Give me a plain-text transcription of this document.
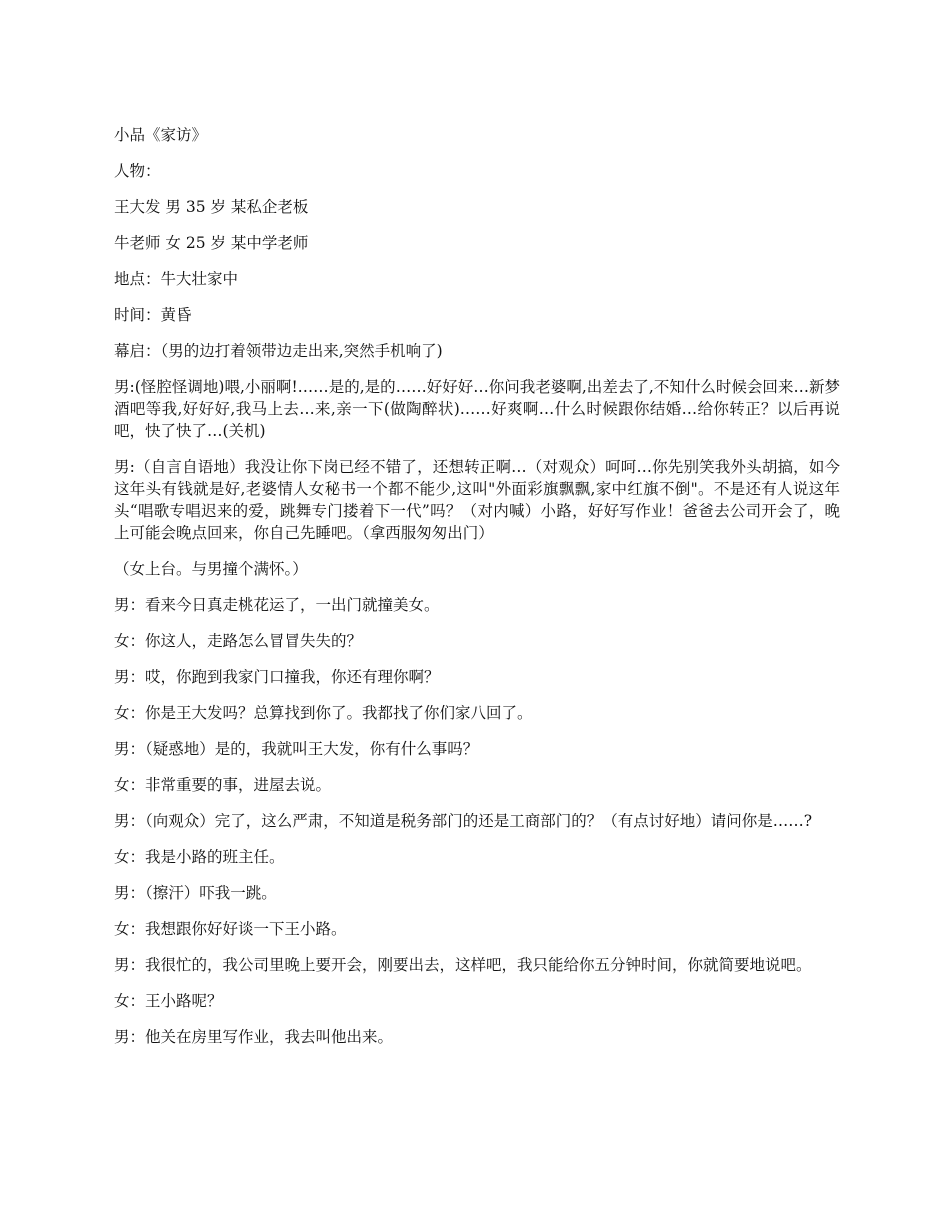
小品《家访》

人物：

王大发 男 35 岁 某私企老板

牛老师 女 25 岁 某中学老师

地点：牛大壮家中

时间：黄昏

幕启：（男的边打着领带边走出来,突然手机响了)

男:(怪腔怪调地)喂,小丽啊!……是的,是的……好好好…你问我老婆啊,出差去了,不知什么时候会回来…新梦酒吧等我,好好好,我马上去…来,亲一下(做陶醉状)……好爽啊…什么时候跟你结婚…给你转正？以后再说吧，快了快了…(关机)

男:（自言自语地）我没让你下岗已经不错了，还想转正啊…（对观众）呵呵…你先别笑我外头胡搞，如今这年头有钱就是好,老婆情人女秘书一个都不能少,这叫"外面彩旗飘飘,家中红旗不倒"。不是还有人说这年头“唱歌专唱迟来的爱，跳舞专门搂着下一代”吗？（对内喊）小路，好好写作业！爸爸去公司开会了，晚上可能会晚点回来，你自己先睡吧。（拿西服匆匆出门）

（女上台。与男撞个满怀。）

男：看来今日真走桃花运了，一出门就撞美女。

女：你这人，走路怎么冒冒失失的？

男：哎，你跑到我家门口撞我，你还有理你啊？

女：你是王大发吗？总算找到你了。我都找了你们家八回了。

男：（疑惑地）是的，我就叫王大发，你有什么事吗？

女：非常重要的事，进屋去说。

男：（向观众）完了，这么严肃，不知道是税务部门的还是工商部门的？（有点讨好地）请问你是……?

女：我是小路的班主任。

男：（擦汗）吓我一跳。

女：我想跟你好好谈一下王小路。

男：我很忙的，我公司里晚上要开会，刚要出去，这样吧，我只能给你五分钟时间，你就简要地说吧。

女：王小路呢？

男：他关在房里写作业，我去叫他出来。
